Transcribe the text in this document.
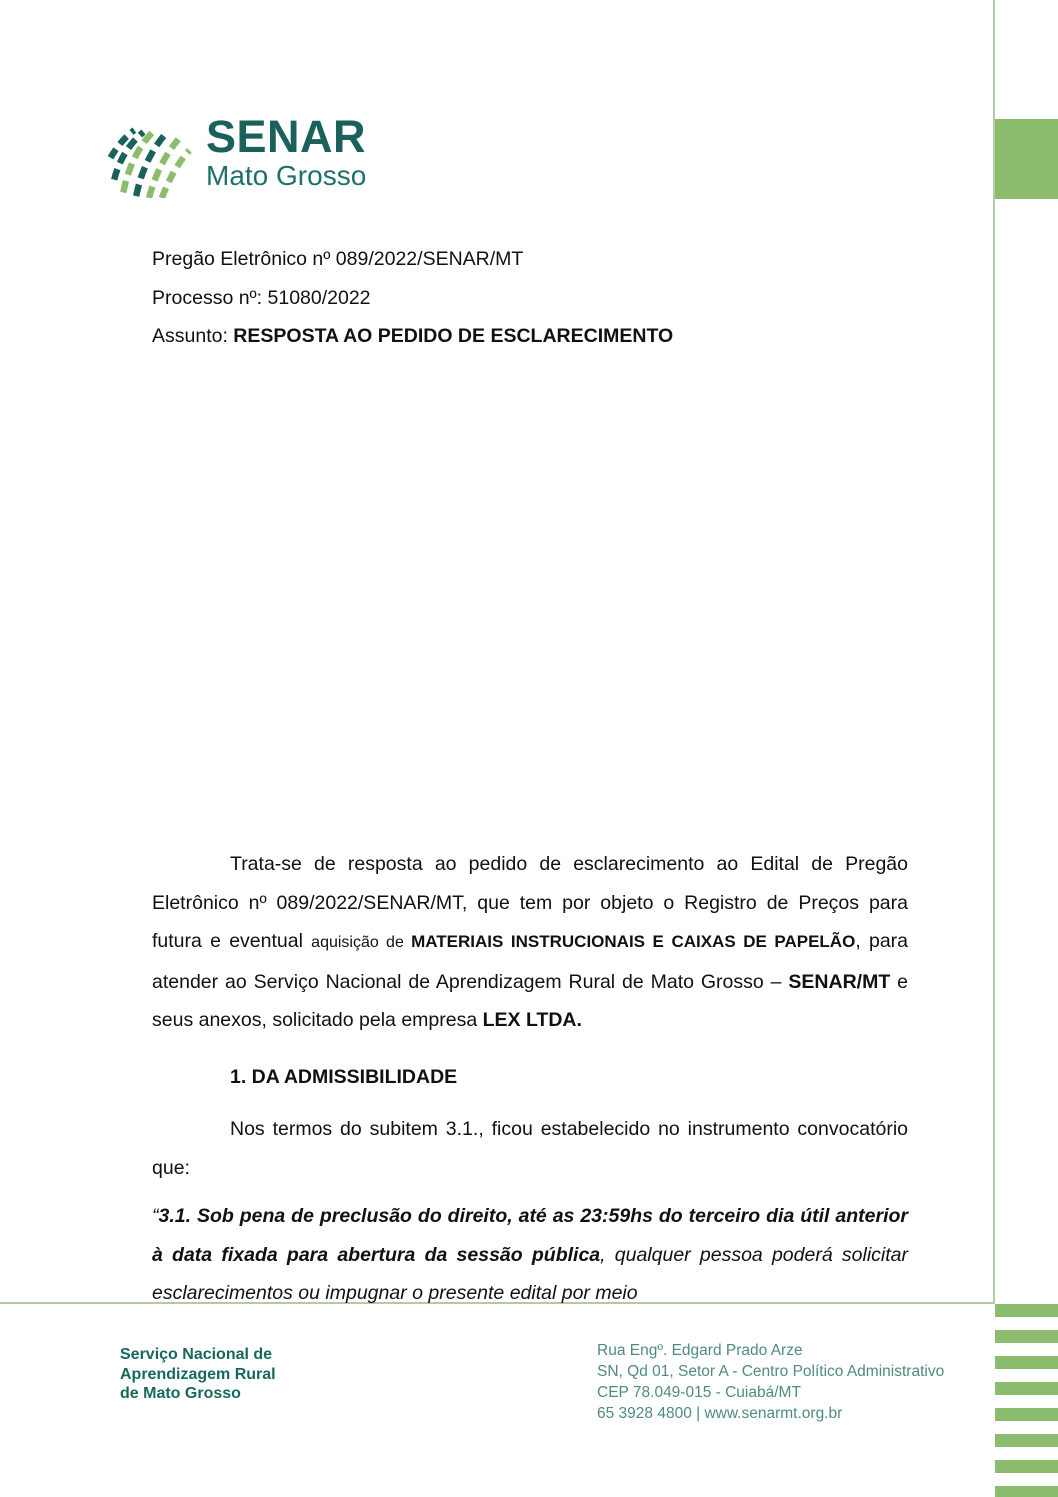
SENAR
Mato Grosso

Pregão Eletrônico nº 089/2022/SENAR/MT

Processo nº: 51080/2022

Assunto: RESPOSTA AO PEDIDO DE ESCLARECIMENTO

Trata-se de resposta ao pedido de esclarecimento ao Edital de Pregão Eletrônico nº 089/2022/SENAR/MT, que tem por objeto o Registro de Preços para futura e eventual aquisição de MATERIAIS INSTRUCIONAIS E CAIXAS DE PAPELÃO, para atender ao Serviço Nacional de Aprendizagem Rural de Mato Grosso – SENAR/MT e seus anexos, solicitado pela empresa LEX LTDA.

1. DA ADMISSIBILIDADE

Nos termos do subitem 3.1., ficou estabelecido no instrumento convocatório que:

“3.1. Sob pena de preclusão do direito, até as 23:59hs do terceiro dia útil anterior à data fixada para abertura da sessão pública, qualquer pessoa poderá solicitar esclarecimentos ou impugnar o presente edital por meio

Serviço Nacional de
Aprendizagem Rural
de Mato Grosso
Rua Engº. Edgard Prado Arze
SN, Qd 01, Setor A - Centro Político Administrativo
CEP 78.049-015 - Cuiabá/MT
65 3928 4800 | www.senarmt.org.br
